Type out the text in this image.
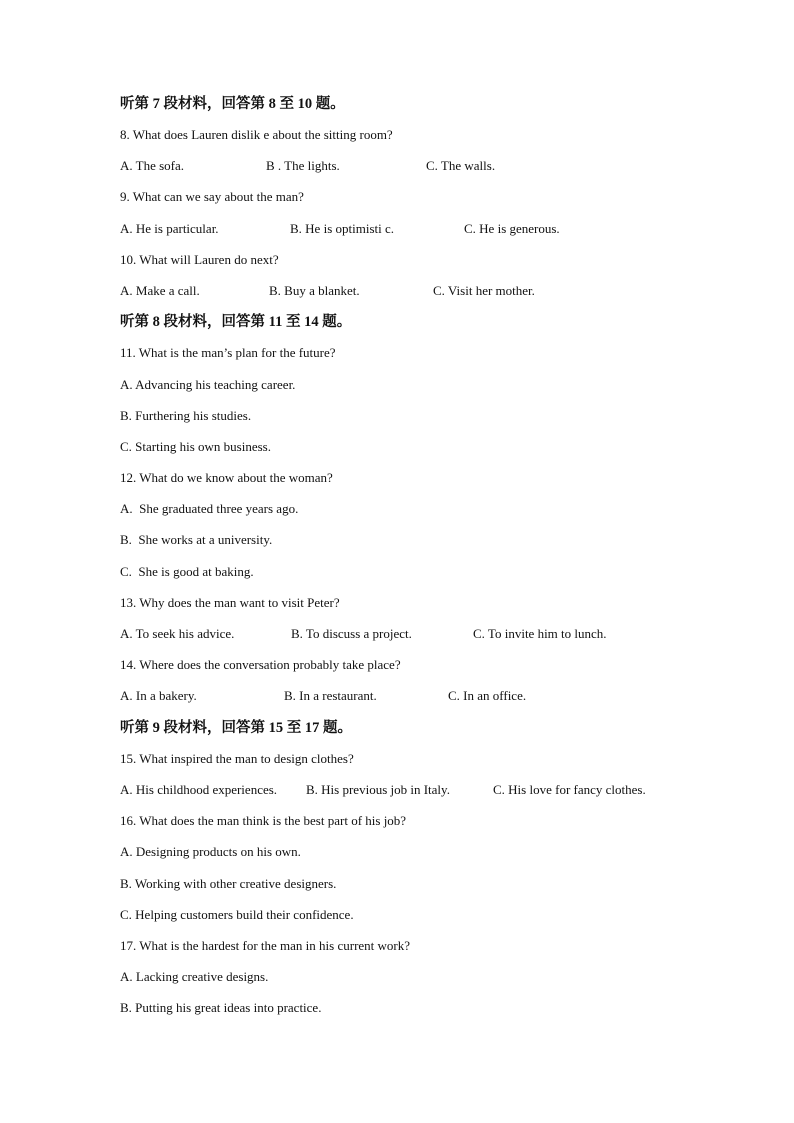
听第 7 段材料，回答第 8 至 10 题。
8. What does Lauren dislik e about the sitting room?
A. The sofa.	B . The lights.	C. The walls.
9. What can we say about the man?
A. He is particular.	B. He is optimisti c.	C. He is generous.
10. What will Lauren do next?
A. Make a call.	B. Buy a blanket.	C. Visit her mother.
听第 8 段材料，回答第 11 至 14 题。
11. What is the man’s plan for the future?
A. Advancing his teaching career.
B. Furthering his studies.
C. Starting his own business.
12. What do we know about the woman?
A.  She graduated three years ago.
B.  She works at a university.
C.  She is good at baking.
13. Why does the man want to visit Peter?
A. To seek his advice.	B. To discuss a project.	C. To invite him to lunch.
14. Where does the conversation probably take place?
A. In a bakery.	B. In a restaurant.	C. In an office.
听第 9 段材料，回答第 15 至 17 题。
15. What inspired the man to design clothes?
A. His childhood experiences. B. His previous job in Italy.	C. His love for fancy clothes.
16. What does the man think is the best part of his job?
A. Designing products on his own.
B. Working with other creative designers.
C. Helping customers build their confidence.
17. What is the hardest for the man in his current work?
A. Lacking creative designs.
B. Putting his great ideas into practice.
